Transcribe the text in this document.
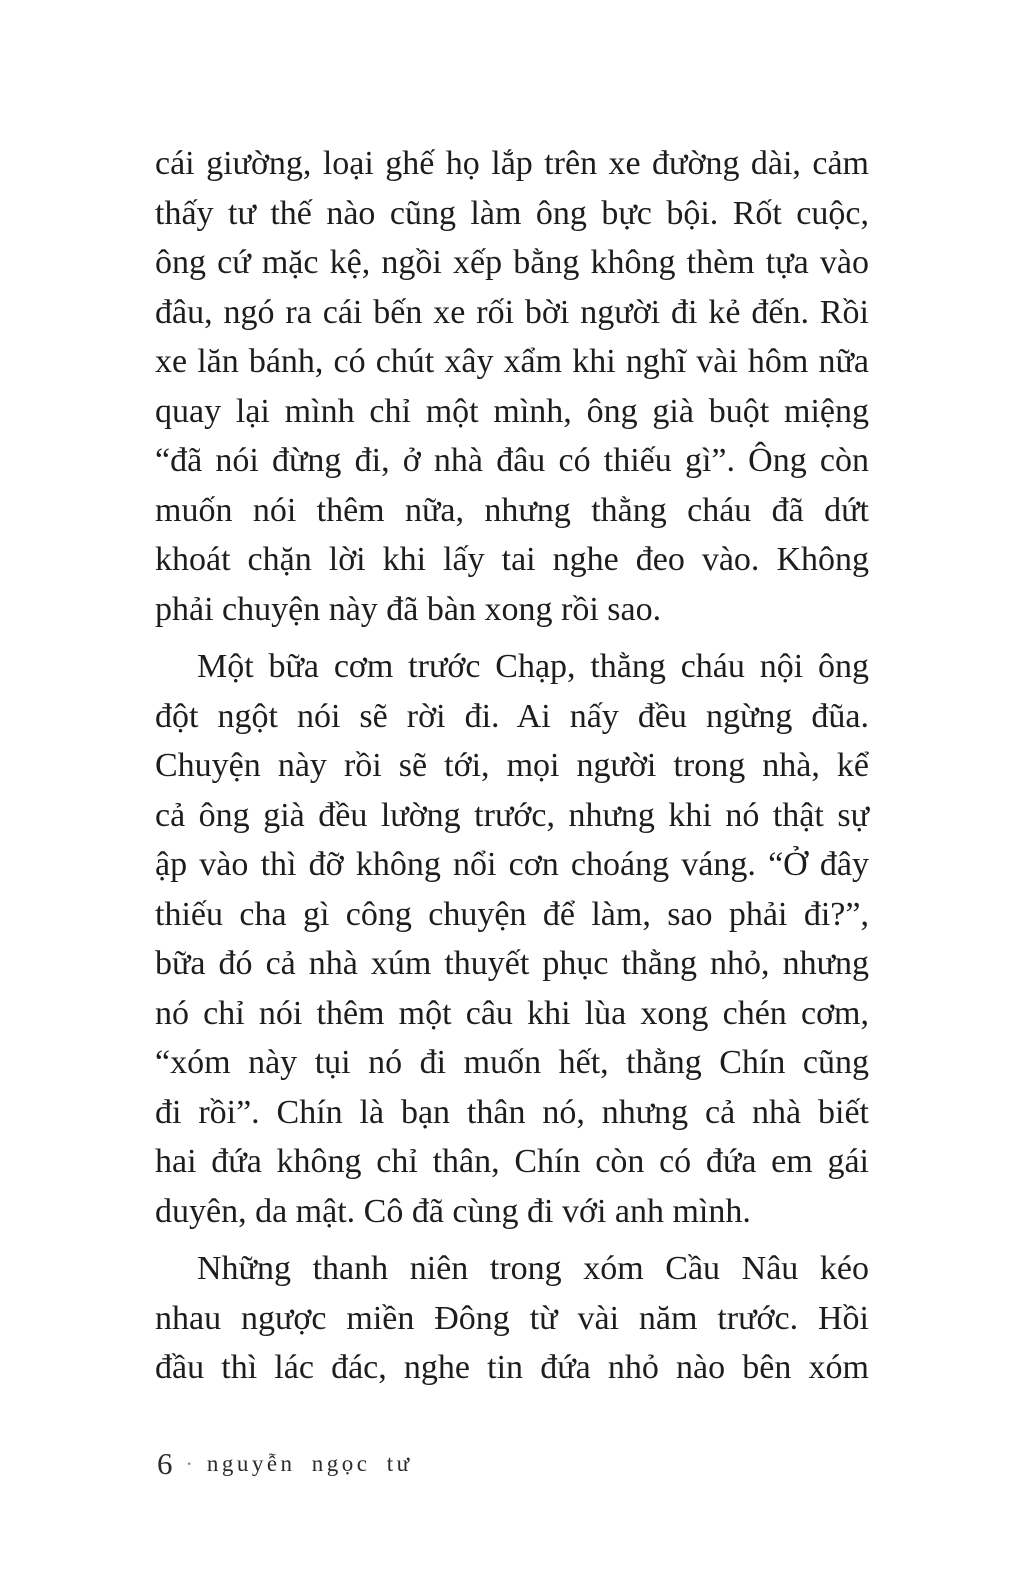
cái giường, loại ghế họ lắp trên xe đường dài, cảm
thấy tư thế nào cũng làm ông bực bội. Rốt cuộc,
ông cứ mặc kệ, ngồi xếp bằng không thèm tựa vào
đâu, ngó ra cái bến xe rối bời người đi kẻ đến. Rồi
xe lăn bánh, có chút xây xẩm khi nghĩ vài hôm nữa
quay lại mình chỉ một mình, ông già buột miệng
“đã nói đừng đi, ở nhà đâu có thiếu gì”. Ông còn
muốn nói thêm nữa, nhưng thằng cháu đã dứt
khoát chặn lời khi lấy tai nghe đeo vào. Không
phải chuyện này đã bàn xong rồi sao.
Một bữa cơm trước Chạp, thằng cháu nội ông
đột ngột nói sẽ rời đi. Ai nấy đều ngừng đũa.
Chuyện này rồi sẽ tới, mọi người trong nhà, kể
cả ông già đều lường trước, nhưng khi nó thật sự
ập vào thì đỡ không nổi cơn choáng váng. “Ở đây
thiếu cha gì công chuyện để làm, sao phải đi?”,
bữa đó cả nhà xúm thuyết phục thằng nhỏ, nhưng
nó chỉ nói thêm một câu khi lùa xong chén cơm,
“xóm này tụi nó đi muốn hết, thằng Chín cũng
đi rồi”. Chín là bạn thân nó, nhưng cả nhà biết
hai đứa không chỉ thân, Chín còn có đứa em gái
duyên, da mật. Cô đã cùng đi với anh mình.
Những thanh niên trong xóm Cầu Nâu kéo
nhau ngược miền Đông từ vài năm trước. Hồi
đầu thì lác đác, nghe tin đứa nhỏ nào bên xóm
6 · nguyễn ngọc tư
